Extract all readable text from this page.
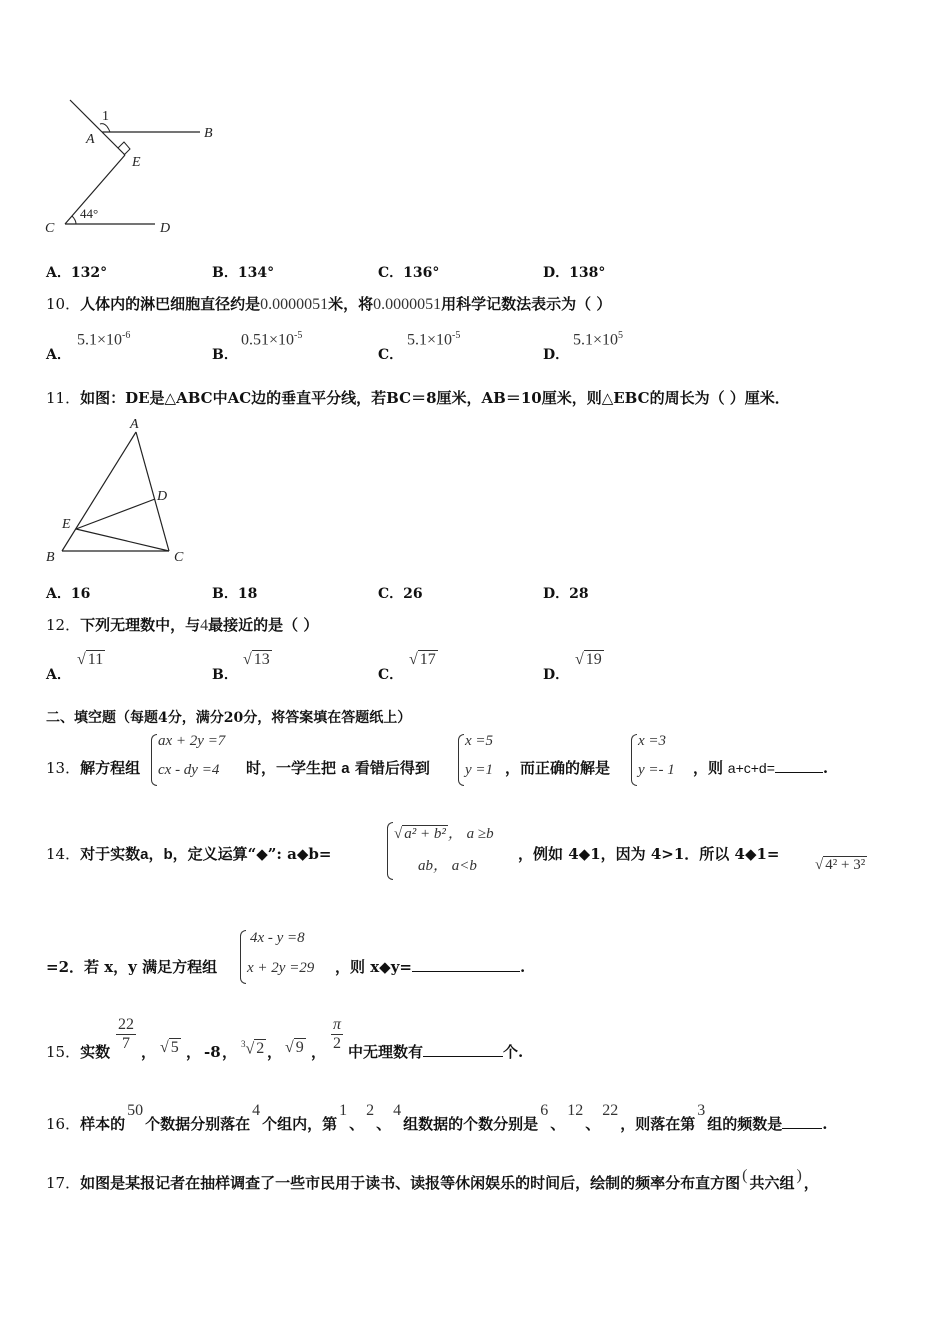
1
A	B
E
C	D
44°
A．132°	B．134°	C．136°	D．138°
10．人体内的淋巴细胞直径约是0.0000051米，将0.0000051用科学记数法表示为（ ）
A．
$5.1\times 10^{-6}$
B．
$0.51\times 10^{-5}$
C．
$5.1\times 10^{-5}$
D．
$5.1\times 10^5$
11．如图：DE是△ABC中AC边的垂直平分线，若BC＝8厘米，AB＝10厘米，则△EBC的周长为（ ）厘米．
A
D
E
B	C
A．16	B．18	C．26	D．28
12．下列无理数中，与4最接近的是（ ）
A．
√ 11
B．
√ 13
C．
√ 17
D．
√ 19
二、填空题（每题4分，满分20分，将答案填在答题纸上）
13．解方程组
ax + 2y =7
cx - dy =4 时，一学生把 a 看错后得到
x =5
y =1 ，而正确的解是
x =3
y =- 1 ，则 a+c+d=	.
14．对于实数a，b，定义运算“◆”: a◆b=
√ a² + b² ， a ≥b
ab， a<b
，例如 4◆1，因为 4>1．所以 4◆1=
√ 4² + 3²
=2．若 x，y 满足方程组
4x - y =8
x + 2y =29 ，则 x◆y=	.
15．实数 $\frac{22}{7}$ ， √ 5 ， -8 ， $^3$√ 2 ， √ 9 ， $\frac{\pi}{2}$ 中无理数有	个.
16．样本的50个数据分别落在4个组内，第1、2、4组数据的个数分别是6、12、22，则落在第3组的频数是	.
17．如图是某报记者在抽样调查了一些市民用于读书、读报等休闲娱乐的时间后，绘制的频率分布直方图 ( 共六组 ) ，
